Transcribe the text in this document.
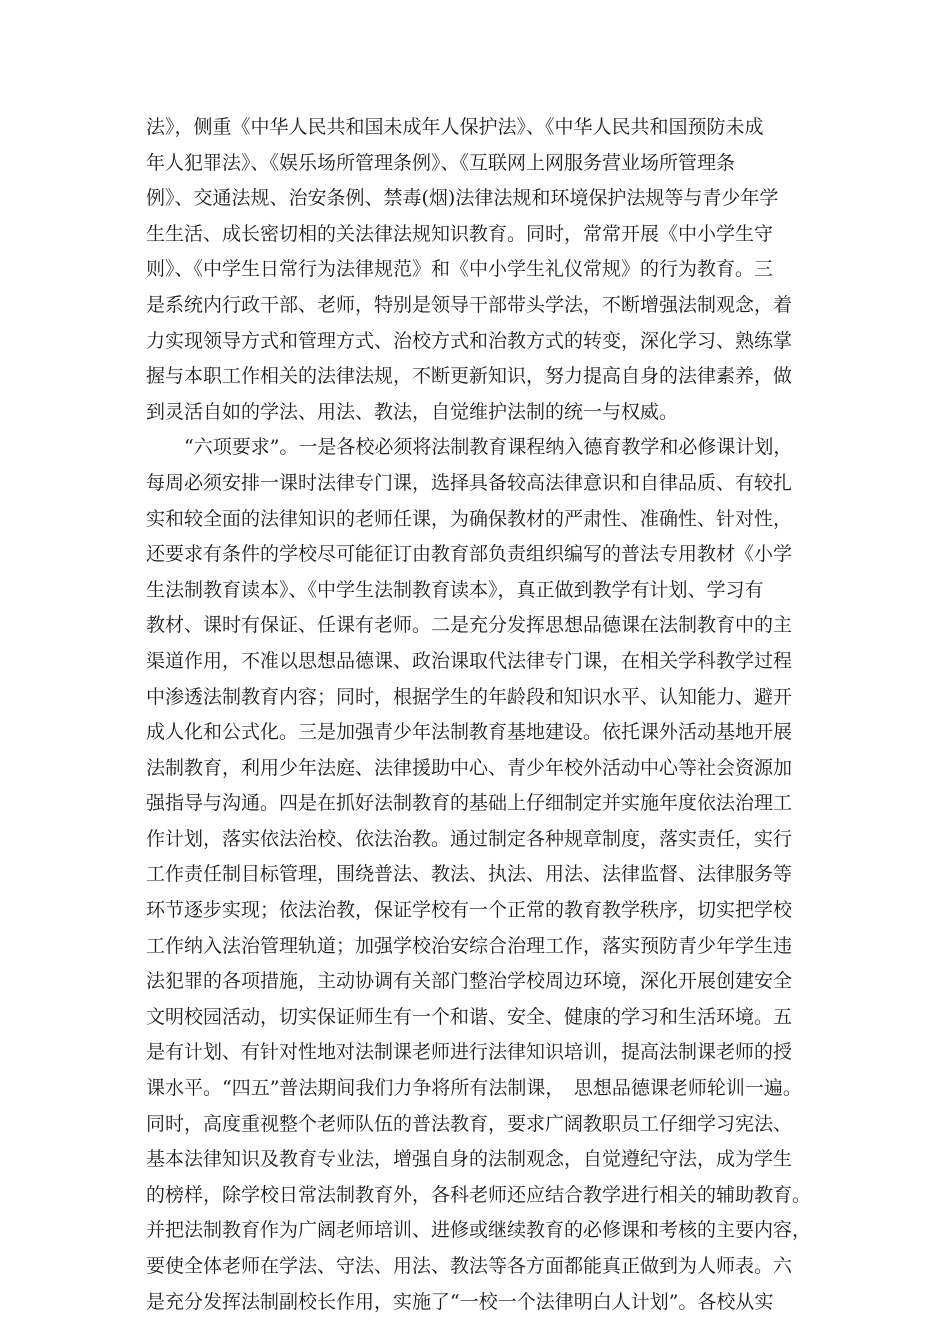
法》，侧重《中华人民共和国未成年人保护法》、《中华人民共和国预防未成
年人犯罪法》、《娱乐场所管理条例》、《互联网上网服务营业场所管理条
例》、交通法规、治安条例、禁毒(烟)法律法规和环境保护法规等与青少年学
生生活、成长密切相的关法律法规知识教育。同时，常常开展《中小学生守
则》、《中学生日常行为法律规范》和《中小学生礼仪常规》的行为教育。三
是系统内行政干部、老师，特别是领导干部带头学法，不断增强法制观念，着
力实现领导方式和管理方式、治校方式和治教方式的转变，深化学习、熟练掌
握与本职工作相关的法律法规，不断更新知识，努力提高自身的法律素养，做
到灵活自如的学法、用法、教法，自觉维护法制的统一与权威。
　　“六项要求”。一是各校必须将法制教育课程纳入德育教学和必修课计划，
每周必须安排一课时法律专门课，选择具备较高法律意识和自律品质、有较扎
实和较全面的法律知识的老师任课，为确保教材的严肃性、准确性、针对性，
还要求有条件的学校尽可能征订由教育部负责组织编写的普法专用教材《小学
生法制教育读本》、《中学生法制教育读本》，真正做到教学有计划、学习有
教材、课时有保证、任课有老师。二是充分发挥思想品德课在法制教育中的主
渠道作用，不准以思想品德课、政治课取代法律专门课，在相关学科教学过程
中渗透法制教育内容；同时，根据学生的年龄段和知识水平、认知能力、避开
成人化和公式化。三是加强青少年法制教育基地建设。依托课外活动基地开展
法制教育，利用少年法庭、法律援助中心、青少年校外活动中心等社会资源加
强指导与沟通。四是在抓好法制教育的基础上仔细制定并实施年度依法治理工
作计划，落实依法治校、依法治教。通过制定各种规章制度，落实责任，实行
工作责任制目标管理，围绕普法、教法、执法、用法、法律监督、法律服务等
环节逐步实现；依法治教，保证学校有一个正常的教育教学秩序，切实把学校
工作纳入法治管理轨道；加强学校治安综合治理工作，落实预防青少年学生违
法犯罪的各项措施，主动协调有关部门整治学校周边环境，深化开展创建安全
文明校园活动，切实保证师生有一个和谐、安全、健康的学习和生活环境。五
是有计划、有针对性地对法制课老师进行法律知识培训，提高法制课老师的授
课水平。“四五”普法期间我们力争将所有法制课，　思想品德课老师轮训一遍。
同时，高度重视整个老师队伍的普法教育，要求广阔教职员工仔细学习宪法、
基本法律知识及教育专业法，增强自身的法制观念，自觉遵纪守法，成为学生
的榜样，除学校日常法制教育外，各科老师还应结合教学进行相关的辅助教育。
并把法制教育作为广阔老师培训、进修或继续教育的必修课和考核的主要内容，
要使全体老师在学法、守法、用法、教法等各方面都能真正做到为人师表。六
是充分发挥法制副校长作用，实施了“一校一个法律明白人计划”。各校从实
